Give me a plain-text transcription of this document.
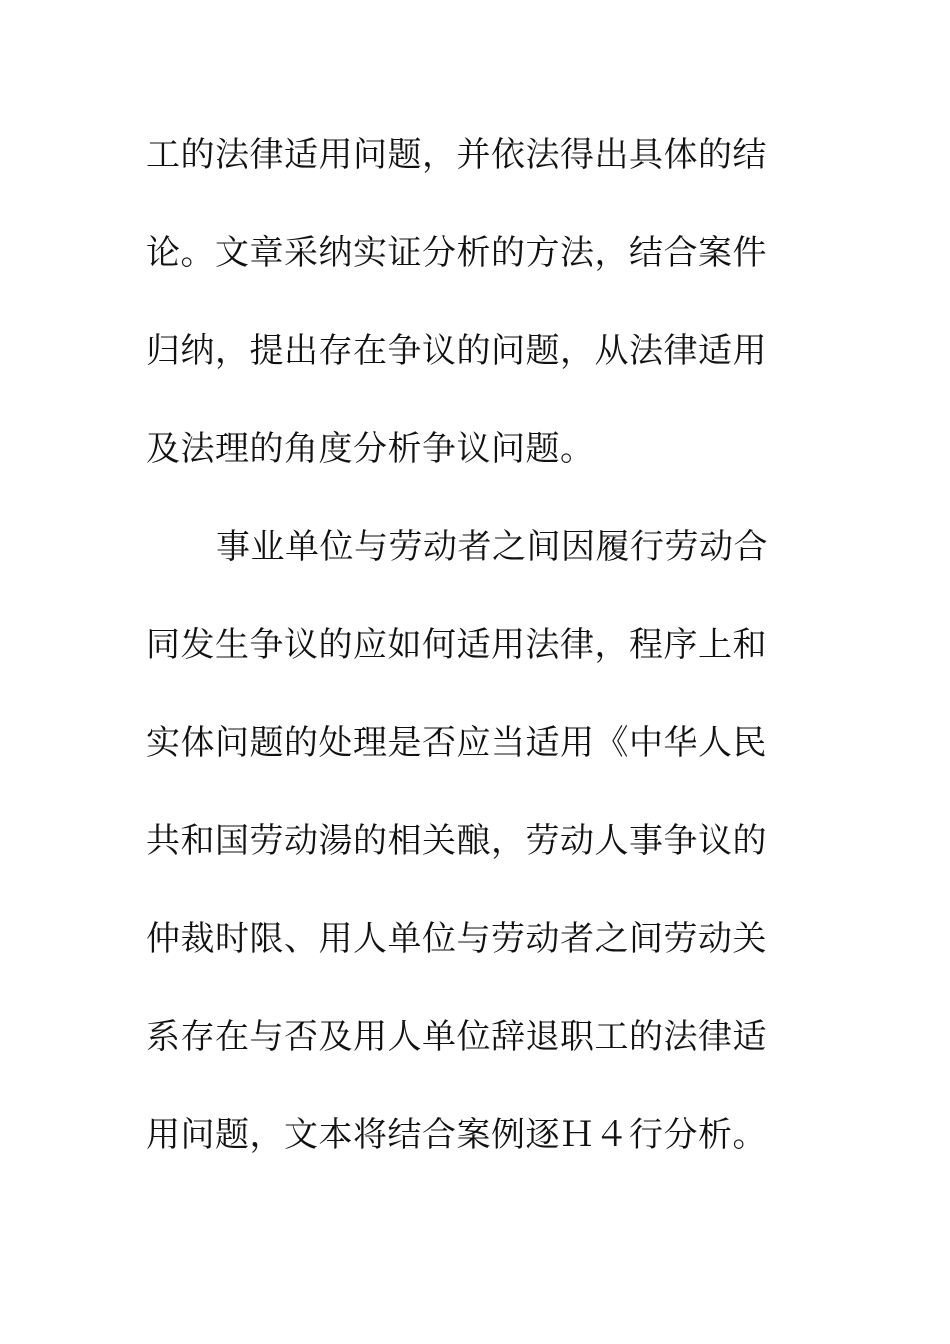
工的法律适用问题，并依法得出具体的结
论。文章采纳实证分析的方法，结合案件
归纳，提出存在争议的问题，从法律适用
及法理的角度分析争议问题。
事业单位与劳动者之间因履行劳动合
同发生争议的应如何适用法律，程序上和
实体问题的处理是否应当适用《中华人民
共和国劳动湯的相关酿，劳动人事争议的
仲裁时限、用人单位与劳动者之间劳动关
系存在与否及用人单位辞退职工的法律适
用问题，文本将结合案例逐Ｈ４行分析。
